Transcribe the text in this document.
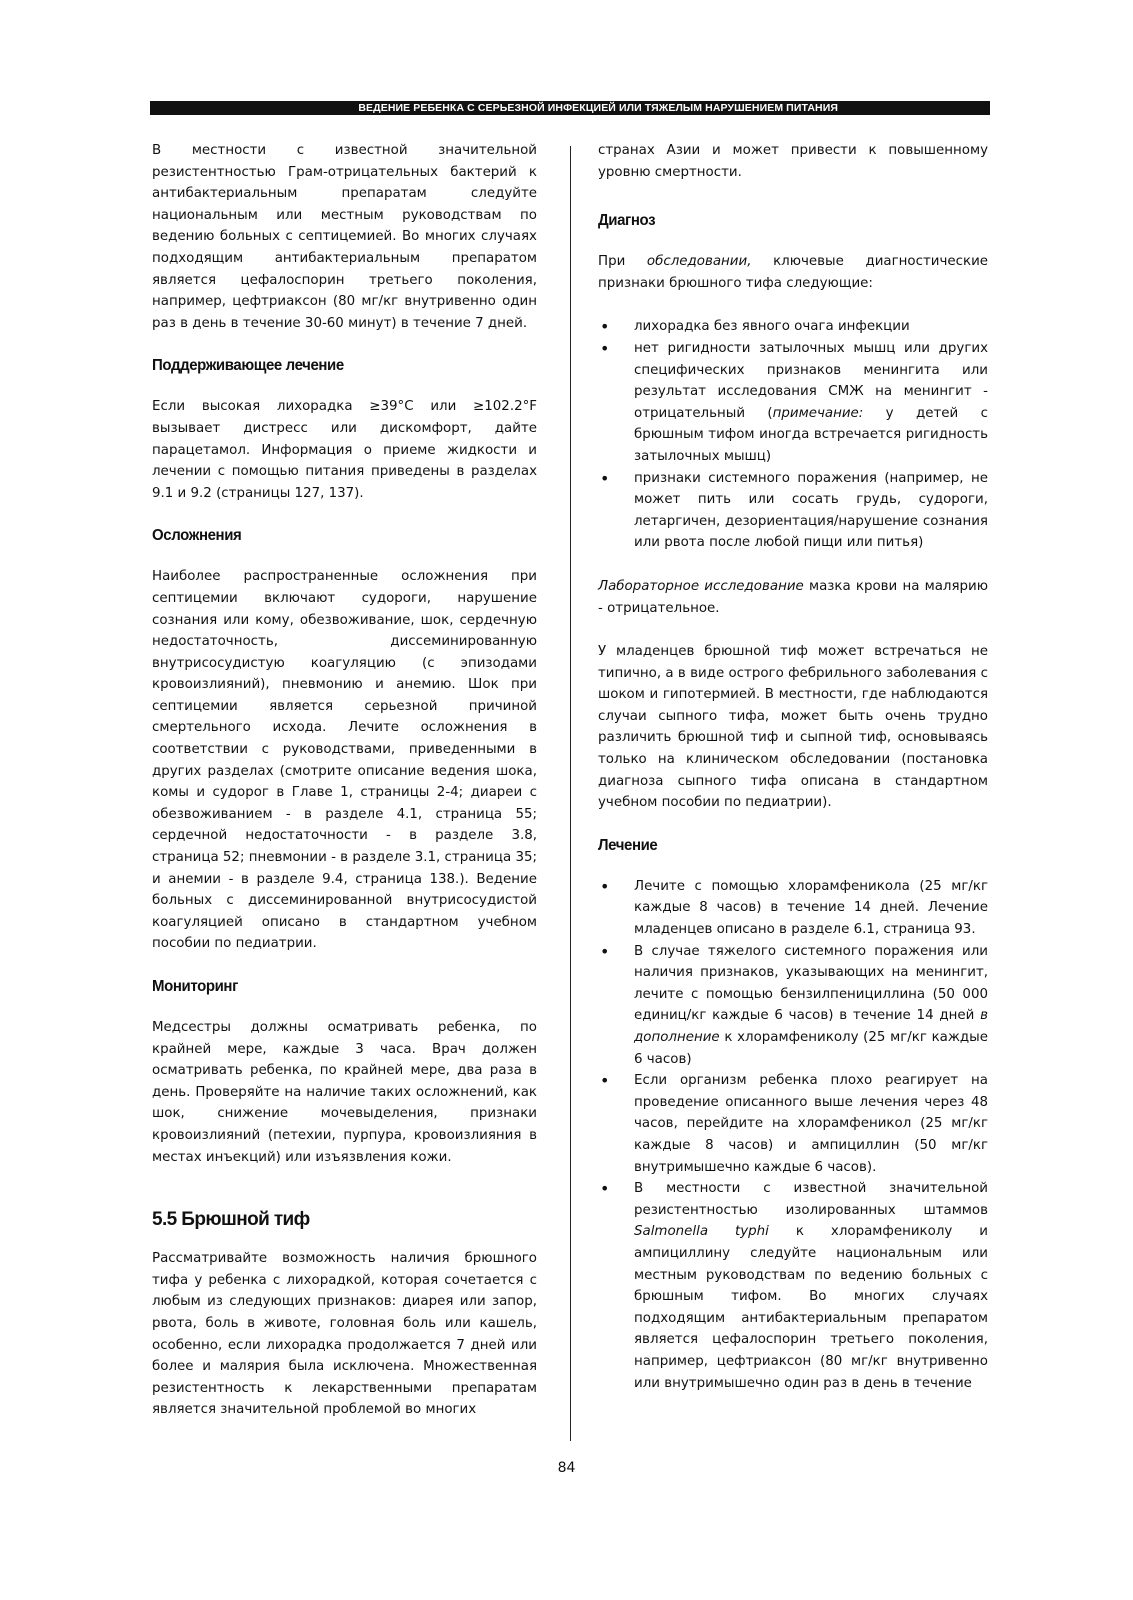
ВЕДЕНИЕ РЕБЕНКА С СЕРЬЕЗНОЙ ИНФЕКЦИЕЙ ИЛИ ТЯЖЕЛЫМ НАРУШЕНИЕМ ПИТАНИЯ

В местности с известной значительной резистентностью Грам-отрицательных бактерий к антибактериальным препаратам следуйте национальным или местным руководствам по ведению больных с септицемией. Во многих случаях подходящим антибактериальным препаратом является цефалоспорин третьего поколения, например, цефтриаксон (80 мг/кг внутривенно один раз в день в течение 30-60 минут) в течение 7 дней.

Поддерживающее лечение

Если высокая лихорадка ≥39°C или ≥102.2°F вызывает дистресс или дискомфорт, дайте парацетамол. Информация о приеме жидкости и лечении с помощью питания приведены в разделах 9.1 и 9.2 (страницы 127, 137).

Осложнения

Наиболее распространенные осложнения при септицемии включают судороги, нарушение сознания или кому, обезвоживание, шок, сердечную недостаточность, диссеминированную внутрисосудистую коагуляцию (с эпизодами кровоизлияний), пневмонию и анемию. Шок при септицемии является серьезной причиной смертельного исхода. Лечите осложнения в соответствии с руководствами, приведенными в других разделах (смотрите описание ведения шока, комы и судорог в Главе 1, страницы 2-4; диареи с обезвоживанием - в разделе 4.1, страница 55; сердечной недостаточности - в разделе 3.8, страница 52; пневмонии - в разделе 3.1, страница 35; и анемии - в разделе 9.4, страница 138.). Ведение больных с диссеминированной внутрисосудистой коагуляцией описано в стандартном учебном пособии по педиатрии.

Мониторинг

Медсестры должны осматривать ребенка, по крайней мере, каждые 3 часа. Врач должен осматривать ребенка, по крайней мере, два раза в день. Проверяйте на наличие таких осложнений, как шок, снижение мочевыделения, признаки кровоизлияний (петехии, пурпура, кровоизлияния в местах инъекций) или изъязвления кожи.

5.5 Брюшной тиф

Рассматривайте возможность наличия брюшного тифа у ребенка с лихорадкой, которая сочетается с любым из следующих признаков: диарея или запор, рвота, боль в животе, головная боль или кашель, особенно, если лихорадка продолжается 7 дней или более и малярия была исключена. Множественная резистентность к лекарственными препаратам является значительной проблемой во многих

странах Азии и может привести к повышенному уровню смертности.

Диагноз

При обследовании, ключевые диагностические признаки брюшного тифа следующие:

• лихорадка без явного очага инфекции
• нет ригидности затылочных мышц или других специфических признаков менингита или результат исследования СМЖ на менингит - отрицательный (примечание: у детей с брюшным тифом иногда встречается ригидность затылочных мышц)
• признаки системного поражения (например, не может пить или сосать грудь, судороги, летаргичен, дезориентация/нарушение сознания или рвота после любой пищи или питья)

Лабораторное исследование мазка крови на малярию - отрицательное.

У младенцев брюшной тиф может встречаться не типично, а в виде острого фебрильного заболевания с шоком и гипотермией. В местности, где наблюдаются случаи сыпного тифа, может быть очень трудно различить брюшной тиф и сыпной тиф, основываясь только на клиническом обследовании (постановка диагноза сыпного тифа описана в стандартном учебном пособии по педиатрии).

Лечение
• Лечите с помощью хлорамфеникола (25 мг/кг каждые 8 часов) в течение 14 дней. Лечение младенцев описано в разделе 6.1, страница 93.
• В случае тяжелого системного поражения или наличия признаков, указывающих на менингит, лечите с помощью бензилпенициллина (50 000 единиц/кг каждые 6 часов) в течение 14 дней в дополнение к хлорамфениколу (25 мг/кг каждые 6 часов)
• Если организм ребенка плохо реагирует на проведение описанного выше лечения через 48 часов, перейдите на хлорамфеникол (25 мг/кг каждые 8 часов) и ампициллин (50 мг/кг внутримышечно каждые 6 часов).
• В местности с известной значительной резистентностью изолированных штаммов Salmonella typhi к хлорамфениколу и ампициллину следуйте национальным или местным руководствам по ведению больных с брюшным тифом. Во многих случаях подходящим антибактериальным препаратом является цефалоспорин третьего поколения, например, цефтриаксон (80 мг/кг внутривенно или внутримышечно один раз в день в течение
84
